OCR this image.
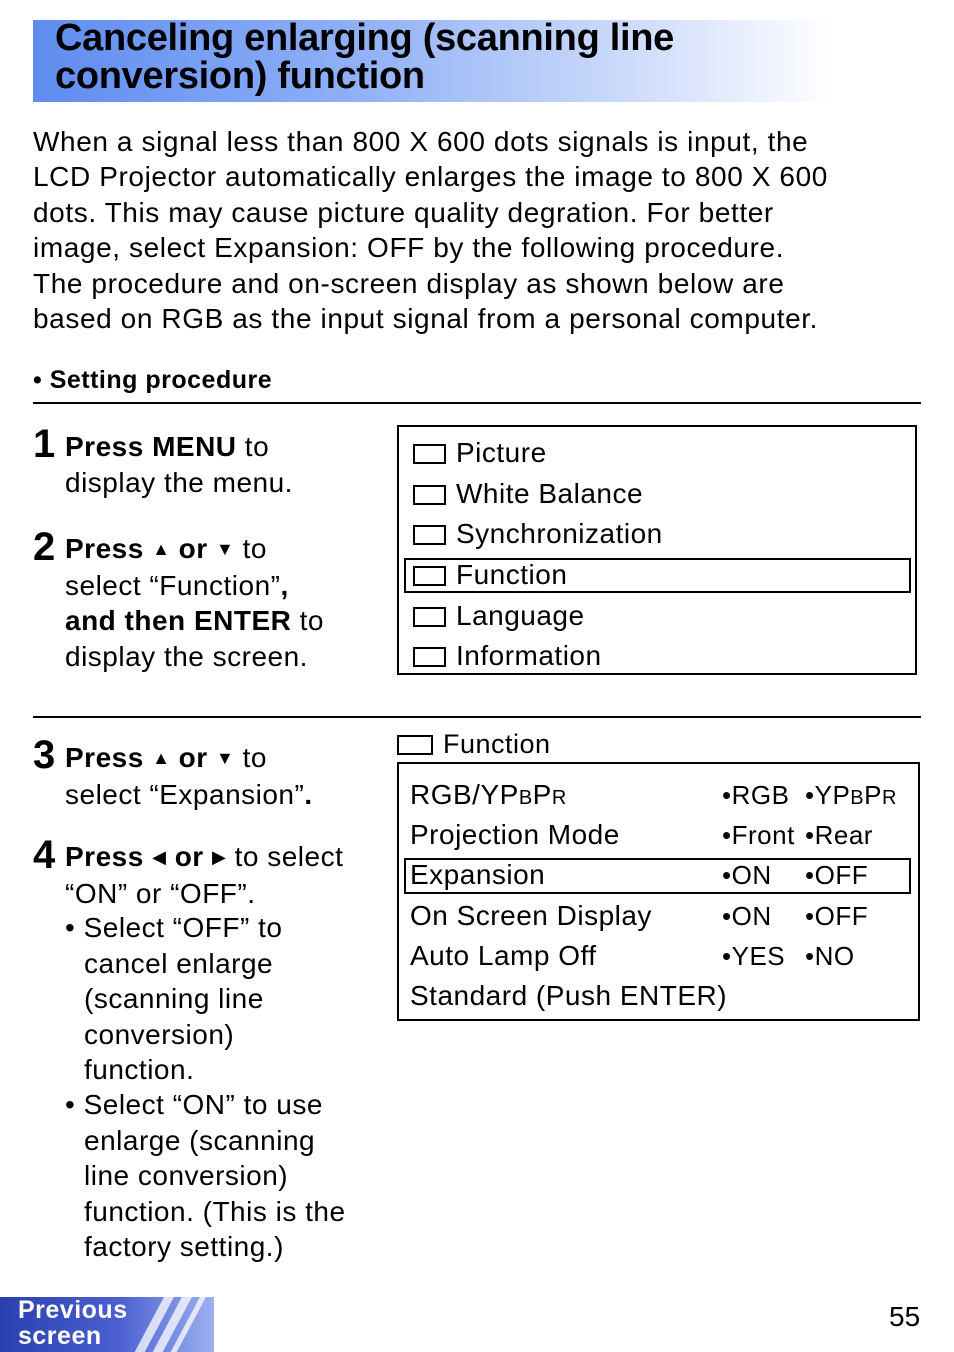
Canceling enlarging (scanning line
conversion) function
When a signal less than 800 X 600 dots signals is input, the
LCD Projector automatically enlarges the image to 800 X 600
dots. This may cause picture quality degration. For better
image, select Expansion: OFF by the following procedure.
The procedure and on-screen display as shown below are
based on RGB as the input signal from a personal computer.
• Setting procedure
1 Press MENU to
display the menu.
2 Press ▲ or ▼ to
select “Function”,
and then ENTER to
display the screen.
Picture
White Balance
Synchronization
Function
Language
Information
3 Press ▲ or ▼ to
select “Expansion”.
4 Press ◀ or ▶ to select
“ON” or “OFF”.
• Select “OFF” to
cancel enlarge
(scanning line
conversion)
function.
• Select “ON” to use
enlarge (scanning
line conversion)
function. (This is the
factory setting.)
Function
RGB/YPBPR	•RGB •YPBPR
Projection Mode	•Front •Rear
Expansion	•ON •OFF
On Screen Display	•ON •OFF
Auto Lamp Off	•YES •NO
Standard (Push ENTER)
Previous
screen
55
